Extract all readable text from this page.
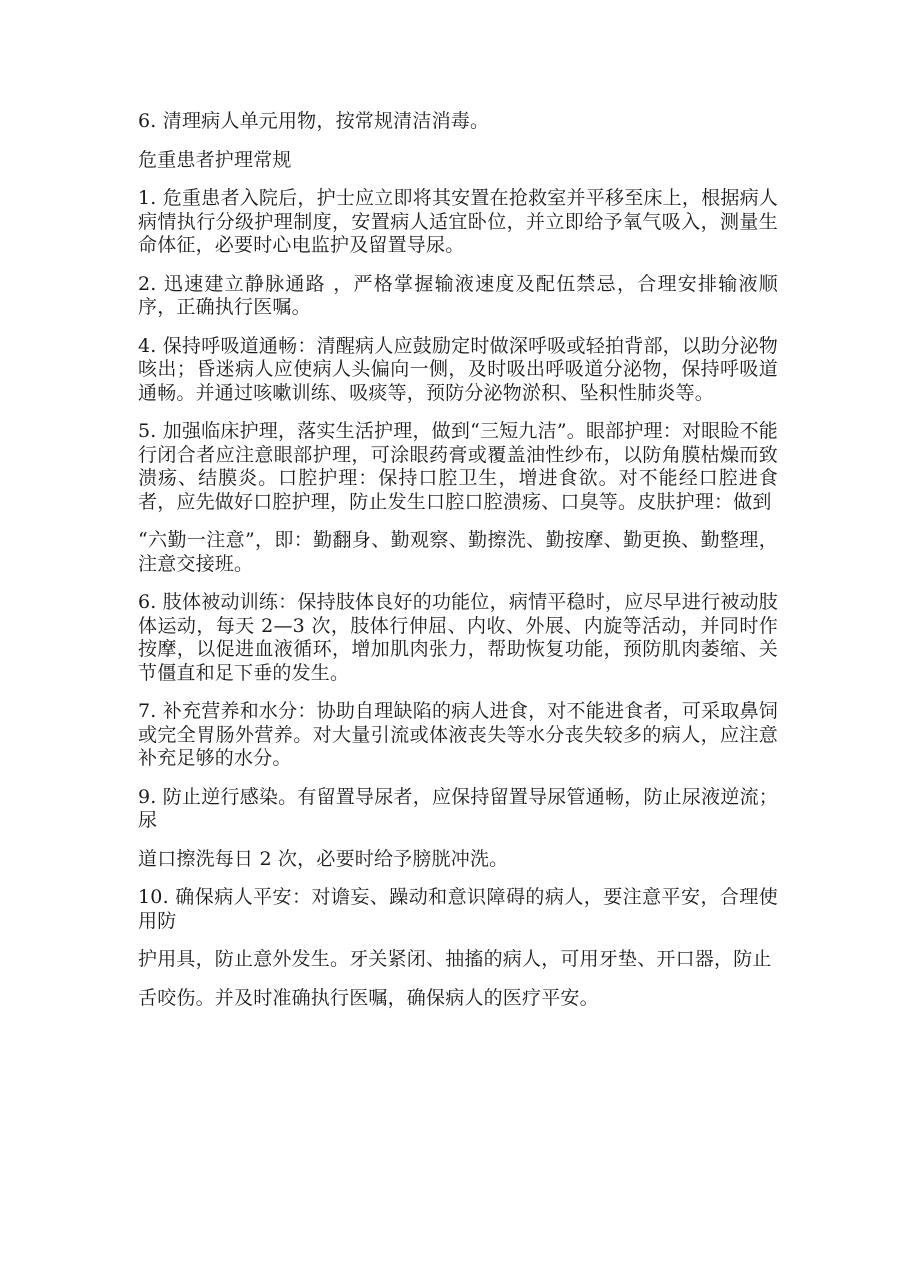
6. 清理病人单元用物，按常规清洁消毒。

危重患者护理常规

1. 危重患者入院后，护士应立即将其安置在抢救室并平移至床上，根据病人病情执行分级护理制度，安置病人适宜卧位，并立即给予氧气吸入，测量生命体征，必要时心电监护及留置导尿。

2. 迅速建立静脉通路 ，严格掌握输液速度及配伍禁忌，合理安排输液顺序，正确执行医嘱。

4. 保持呼吸道通畅：清醒病人应鼓励定时做深呼吸或轻拍背部，以助分泌物咳出；昏迷病人应使病人头偏向一侧，及时吸出呼吸道分泌物，保持呼吸道通畅。并通过咳嗽训练、吸痰等，预防分泌物淤积、坠积性肺炎等。

5. 加强临床护理，落实生活护理，做到“三短九洁”。眼部护理：对眼睑不能行闭合者应注意眼部护理，可涂眼药膏或覆盖油性纱布，以防角膜枯燥而致溃疡、结膜炎。口腔护理：保持口腔卫生，增进食欲。对不能经口腔进食者，应先做好口腔护理，防止发生口腔口腔溃疡、口臭等。皮肤护理：做到

“六勤一注意”，即：勤翻身、勤观察、勤擦洗、勤按摩、勤更换、勤整理，注意交接班。

6. 肢体被动训练：保持肢体良好的功能位，病情平稳时，应尽早进行被动肢体运动，每天 2—3 次，肢体行伸屈、内收、外展、内旋等活动，并同时作按摩，以促进血液循环，增加肌肉张力，帮助恢复功能，预防肌肉萎缩、关节僵直和足下垂的发生。

7. 补充营养和水分：协助自理缺陷的病人进食，对不能进食者，可采取鼻饲或完全胃肠外营养。对大量引流或体液丧失等水分丧失较多的病人，应注意补充足够的水分。

9. 防止逆行感染。有留置导尿者，应保持留置导尿管通畅，防止尿液逆流；尿

道口擦洗每日 2 次，必要时给予膀胱冲洗。

10. 确保病人平安：对谵妄、躁动和意识障碍的病人，要注意平安，合理使用防

护用具，防止意外发生。牙关紧闭、抽搐的病人，可用牙垫、开口器，防止

舌咬伤。并及时准确执行医嘱，确保病人的医疗平安。
